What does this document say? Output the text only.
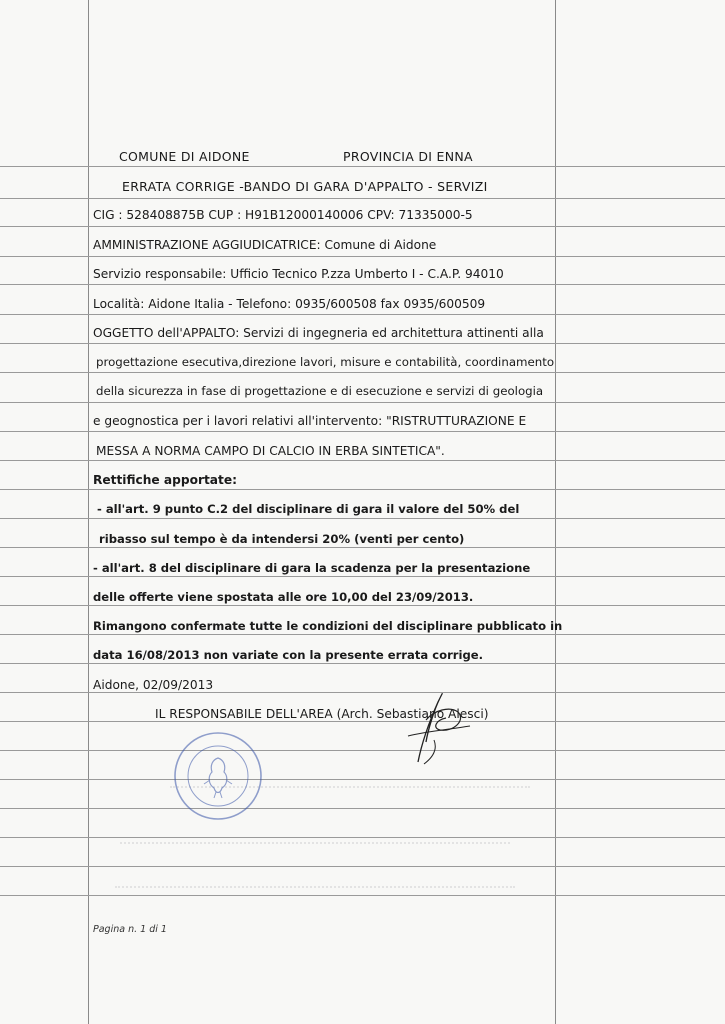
COMUNE DI AIDONE	PROVINCIA DI ENNA
ERRATA CORRIGE -BANDO DI GARA D'APPALTO - SERVIZI
CIG : 528408875B CUP : H91B12000140006 CPV: 71335000-5
AMMINISTRAZIONE AGGIUDICATRICE: Comune di Aidone
Servizio responsabile: Ufficio Tecnico P.zza Umberto I - C.A.P. 94010
Località: Aidone Italia - Telefono: 0935/600508 fax 0935/600509
OGGETTO dell'APPALTO: Servizi di ingegneria ed architettura attinenti alla
progettazione esecutiva,direzione lavori, misure e contabilità, coordinamento
della sicurezza in fase di progettazione e di esecuzione e servizi di geologia
e geognostica per i lavori relativi all'intervento: "RISTRUTTURAZIONE E
MESSA A NORMA CAMPO DI CALCIO IN ERBA SINTETICA".
Rettifiche apportate:
- all'art. 9 punto C.2 del disciplinare di gara il valore del 50% del
ribasso sul tempo è da intendersi 20% (venti per cento)
- all'art. 8 del disciplinare di gara la scadenza per la presentazione
delle offerte viene spostata alle ore 10,00 del 23/09/2013.
Rimangono confermate tutte le condizioni del disciplinare pubblicato in
data 16/08/2013 non variate con la presente errata corrige.
Aidone, 02/09/2013
IL RESPONSABILE DELL'AREA (Arch. Sebastiano Alesci)
Pagina n. 1 di 1
